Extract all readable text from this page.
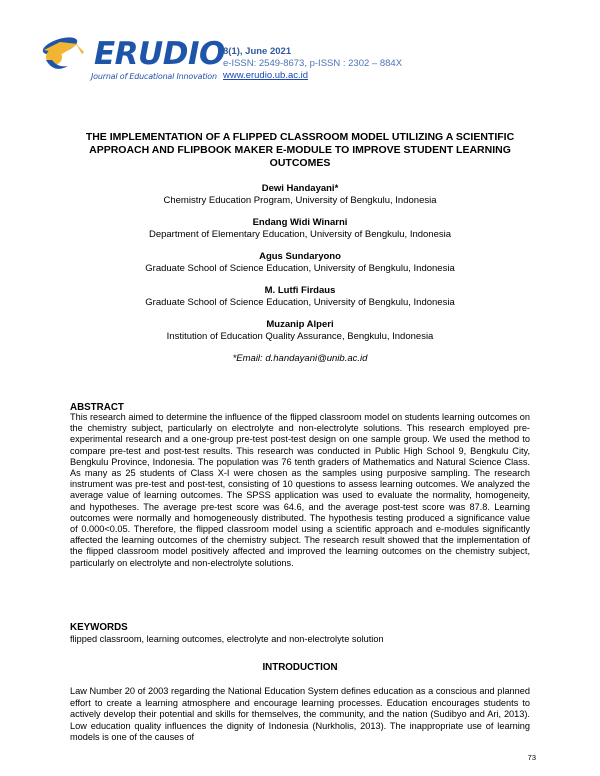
ERUDIO
Journal of Educational Innovation
8(1), June 2021
e-ISSN: 2549-8673, p-ISSN : 2302 – 884X
www.erudio.ub.ac.id
THE IMPLEMENTATION OF A FLIPPED CLASSROOM MODEL UTILIZING A SCIENTIFIC APPROACH AND FLIPBOOK MAKER E-MODULE TO IMPROVE STUDENT LEARNING OUTCOMES
Dewi Handayani*
Chemistry Education Program, University of Bengkulu, Indonesia
Endang Widi Winarni
Department of Elementary Education, University of Bengkulu, Indonesia
Agus Sundaryono
Graduate School of Science Education, University of Bengkulu, Indonesia
M. Lutfi Firdaus
Graduate School of Science Education, University of Bengkulu, Indonesia
Muzanip Alperi
Institution of Education Quality Assurance, Bengkulu, Indonesia
*Email: d.handayani@unib.ac.id
ABSTRACT
This research aimed to determine the influence of the flipped classroom model on students learning outcomes on the chemistry subject, particularly on electrolyte and non-electrolyte solutions. This research employed pre-experimental research and a one-group pre-test post-test design on one sample group. We used the method to compare pre-test and post-test results. This research was conducted in Public High School 9, Bengkulu City, Bengkulu Province, Indonesia. The population was 76 tenth graders of Mathematics and Natural Science Class. As many as 25 students of Class X-I were chosen as the samples using purposive sampling. The research instrument was pre-test and post-test, consisting of 10 questions to assess learning outcomes. We analyzed the average value of learning outcomes. The SPSS application was used to evaluate the normality, homogeneity, and hypotheses. The average pre-test score was 64.6, and the average post-test score was 87.8. Learning outcomes were normally and homogeneously distributed. The hypothesis testing produced a significance value of 0.000<0.05. Therefore, the flipped classroom model using a scientific approach and e-modules significantly affected the learning outcomes of the chemistry subject. The research result showed that the implementation of the flipped classroom model positively affected and improved the learning outcomes on the chemistry subject, particularly on electrolyte and non-electrolyte solutions.
KEYWORDS
flipped classroom, learning outcomes, electrolyte and non-electrolyte solution
INTRODUCTION
Law Number 20 of 2003 regarding the National Education System defines education as a conscious and planned effort to create a learning atmosphere and encourage learning processes. Education encourages students to actively develop their potential and skills for themselves, the community, and the nation (Sudibyo and Ari, 2013). Low education quality influences the dignity of Indonesia (Nurkholis, 2013). The inappropriate use of learning models is one of the causes of
73
